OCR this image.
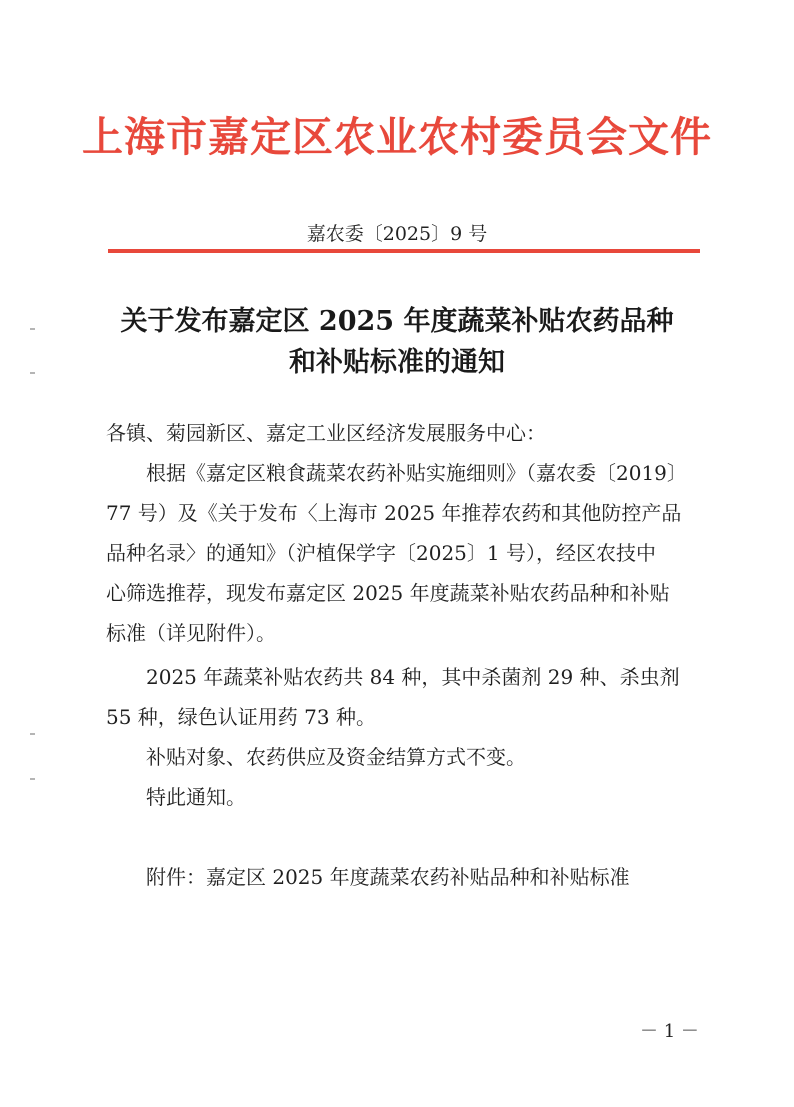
上海市嘉定区农业农村委员会文件
嘉农委〔2025〕9 号
关于发布嘉定区 2025 年度蔬菜补贴农药品种
和补贴标准的通知
各镇、菊园新区、嘉定工业区经济发展服务中心：
　　根据《嘉定区粮食蔬菜农药补贴实施细则》（嘉农委〔2019〕
77 号）及《关于发布〈上海市 2025 年推荐农药和其他防控产品
品种名录〉的通知》（沪植保学字〔2025〕1 号），经区农技中
心筛选推荐，现发布嘉定区 2025 年度蔬菜补贴农药品种和补贴
标准（详见附件）。
　　2025 年蔬菜补贴农药共 84 种，其中杀菌剂 29 种、杀虫剂
55 种，绿色认证用药 73 种。
　　补贴对象、农药供应及资金结算方式不变。
　　特此通知。
　　附件：嘉定区 2025 年度蔬菜农药补贴品种和补贴标准
－ 1 －
